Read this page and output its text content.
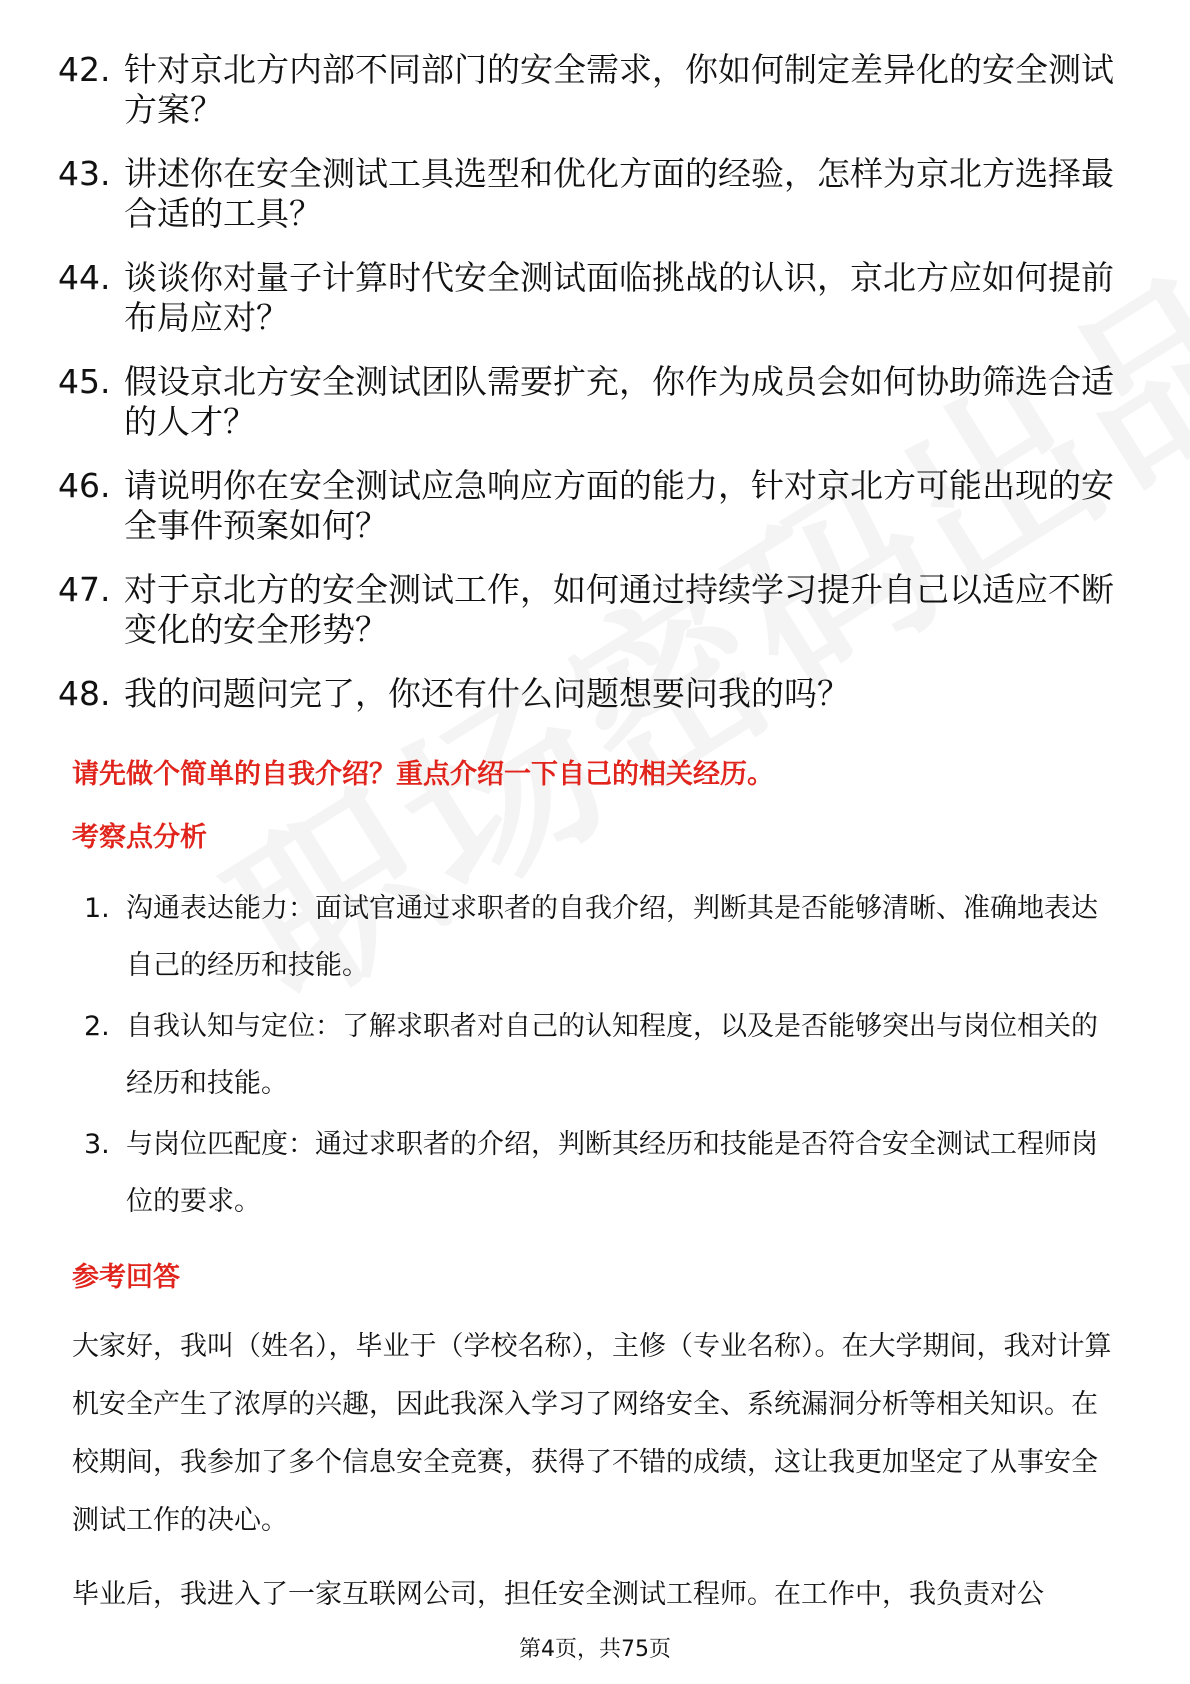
42. 针对京北方内部不同部门的安全需求，你如何制定差异化的安全测试方案？
43. 讲述你在安全测试工具选型和优化方面的经验，怎样为京北方选择最合适的工具？
44. 谈谈你对量子计算时代安全测试面临挑战的认识，京北方应如何提前布局应对？
45. 假设京北方安全测试团队需要扩充，你作为成员会如何协助筛选合适的人才？
46. 请说明你在安全测试应急响应方面的能力，针对京北方可能出现的安全事件预案如何？
47. 对于京北方的安全测试工作，如何通过持续学习提升自己以适应不断变化的安全形势？
48. 我的问题问完了，你还有什么问题想要问我的吗？
请先做个简单的自我介绍？重点介绍一下自己的相关经历。
考察点分析
1. 沟通表达能力：面试官通过求职者的自我介绍，判断其是否能够清晰、准确地表达自己的经历和技能。
2. 自我认知与定位：了解求职者对自己的认知程度，以及是否能够突出与岗位相关的经历和技能。
3. 与岗位匹配度：通过求职者的介绍，判断其经历和技能是否符合安全测试工程师岗位的要求。
参考回答
大家好，我叫（姓名），毕业于（学校名称），主修（专业名称）。在大学期间，我对计算机安全产生了浓厚的兴趣，因此我深入学习了网络安全、系统漏洞分析等相关知识。在校期间，我参加了多个信息安全竞赛，获得了不错的成绩，这让我更加坚定了从事安全测试工作的决心。
毕业后，我进入了一家互联网公司，担任安全测试工程师。在工作中，我负责对公
第4页，共75页
